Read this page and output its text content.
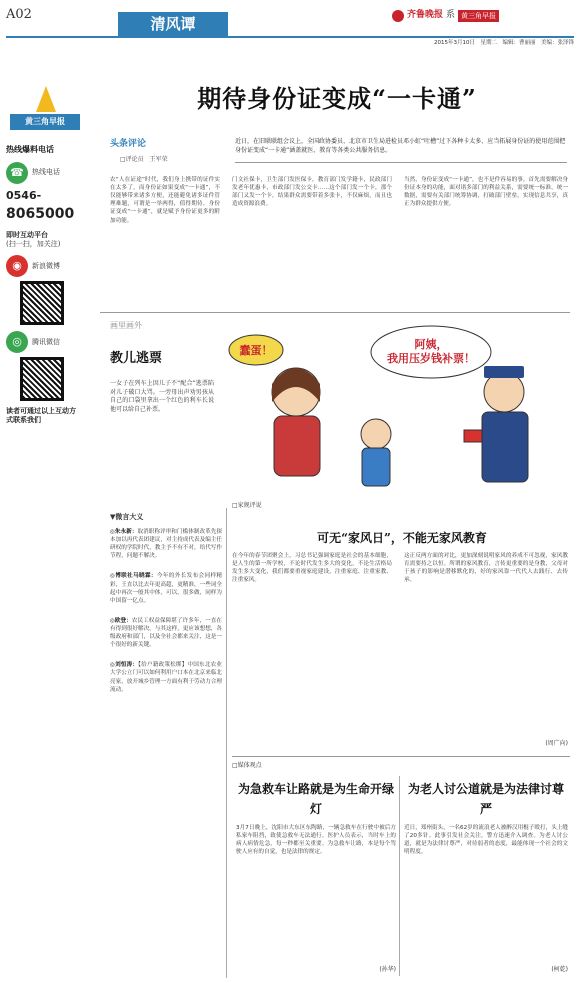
A02
清风谭	齐鲁晚报 系 黄三角早报
2015年3月10日　星期二　编辑：曹丽丽　美编：张泽锋
黄三角早报
热线爆料电话
☎	热线电话
0546-
8065000
即时互动平台
(扫一扫，加关注)
◉	新浪微博
◎	腾讯微信
读者可通过以上互动方式联系我们
期待身份证变成“一卡通”
头条评论
□评论员　王军荣
近日，在旧联联组会议上，全国政协委员、北京市卫生局进检员邓小虹“吐槽”过下各种卡太多、应当拓展身份证的使用范围把身份证变成“一卡通”涵盖就医、教育等各类公共服务信息。
农“人在证途”时代，我们身上携带的证件实在太多了，而身份证如果变成“一卡通”，不仅能够带来诸多方便，还能避免诸多证件管理难题，可谓是一举两得，值得期待。身份证变成“一卡通”，就是赋予身份证更多的附加功能。
门文社保卡，卫生部门发医保卡，教育部门发学籍卡，民政部门发老年优惠卡，市政部门发公交卡……这个部门发一个卡，那个部门又发一个卡，结果群众需要带着多张卡，不仅麻烦，而且也造成资源浪费。
当然，身份证变成“一卡通”，也不是件容易的事。首先需要解决身份证本身的功能，面对诸多部门的利益关系，需要统一标准，统一数据，需要有关部门统筹协调，打破部门壁垒，实现信息共享，真正为群众提供方便。
画里画外
教儿逃票
一女子在列车上因儿子不“配合”逃票陷对儿子破口大骂。一旁母出声劝男孩从自己的口袋里拿出一个红色的利车长说他可以给自己补票。
蠢蛋！	阿姨，
我用压岁钱补票！
▼微言大义
◎朱永新：取消职称评审和门槛体制改革先探本加以再代表团建议，对主持成代表及编主任研权的学院时代，教主予不有不对，给代写作节程，问题不解决。
◎博联社马晓霖：今年的外长发布会同样精彩，王直以比去年更高超，更精准，一些词全起中再次一般其中体，可以，很多做，同样为中国留一亿点。
◎欧登：农民工权益保障堪了许多年，一直在有得到很好解决。与其这样，更应该想想，各级政府和部门，以及全社会都来关注，这是一个很好的新关键。
◎刘恒涛：【给户籍政策松绑】中国东北农业大学公立门可以如何利用户口本在北京来临北亮家，放开城乡管理一方面有利于劳动力合理流动。
□家规评说
可无“家风日”，不能无家风教育
在今年的春节团聚会上，习总书记强调家庭是社会的基本细胞，是人生的第一所学校，不论时代发生多大的变化，不论生活格局发生多大变化，我们都要重视家庭建设，注重家庭、注重家教、注重家风。
这正反两方面的对比，更加深刻说明家风的养成不可忽视，家风教育需要持之以恒。所谓的家风教育，言传更重要的是身教，父母对于孩子的影响是潜移默化的，好的家风靠一代代人去践行、去传承。
(周广向)
□媒体观点
为急救车让路就是为生命开绿灯
为老人讨公道就是为法律讨尊严
3月7日晚上，沈阳市大东区东陶路，一辆急救车在行驶中被后方私家车阻挡，致使急救车无法通行。医护人员表示，当时车上的病人病情危急，每一秒都至关重要。为急救车让路，本是每个驾驶人应有的自觉，也是法律的规定。
近日，郑州街头，一名62岁的流浪老人被醉汉用棍子殴打，头上缝了20多针。此事引发社会关注，警方迅速介入调查。为老人讨公道，就是为法律讨尊严，对待弱者的态度，最能体现一个社会的文明程度。
(孙华)	(柯乾)
